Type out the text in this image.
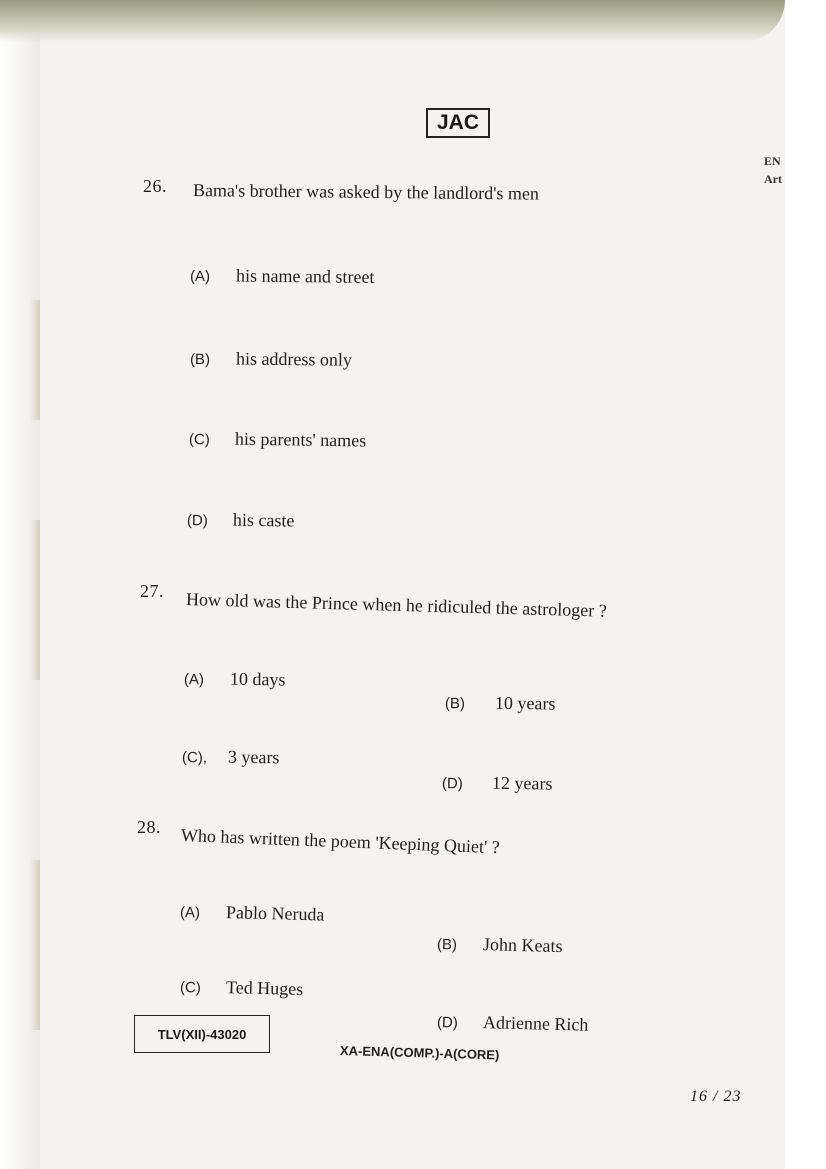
JAC
EN Art
26. Bama's brother was asked by the landlord's men
(A) his name and street
(B) his address only
(C) his parents' names
(D) his caste
27. How old was the Prince when he ridiculed the astrologer ?
(A) 10 days
(B) 10 years
(C), 3 years
(D) 12 years
28. Who has written the poem 'Keeping Quiet' ?
(A) Pablo Neruda
(B) John Keats
(C) Ted Huges
(D) Adrienne Rich
TLV(XII)-43020
XA-ENA(COMP.)-A(CORE)
16 / 23
